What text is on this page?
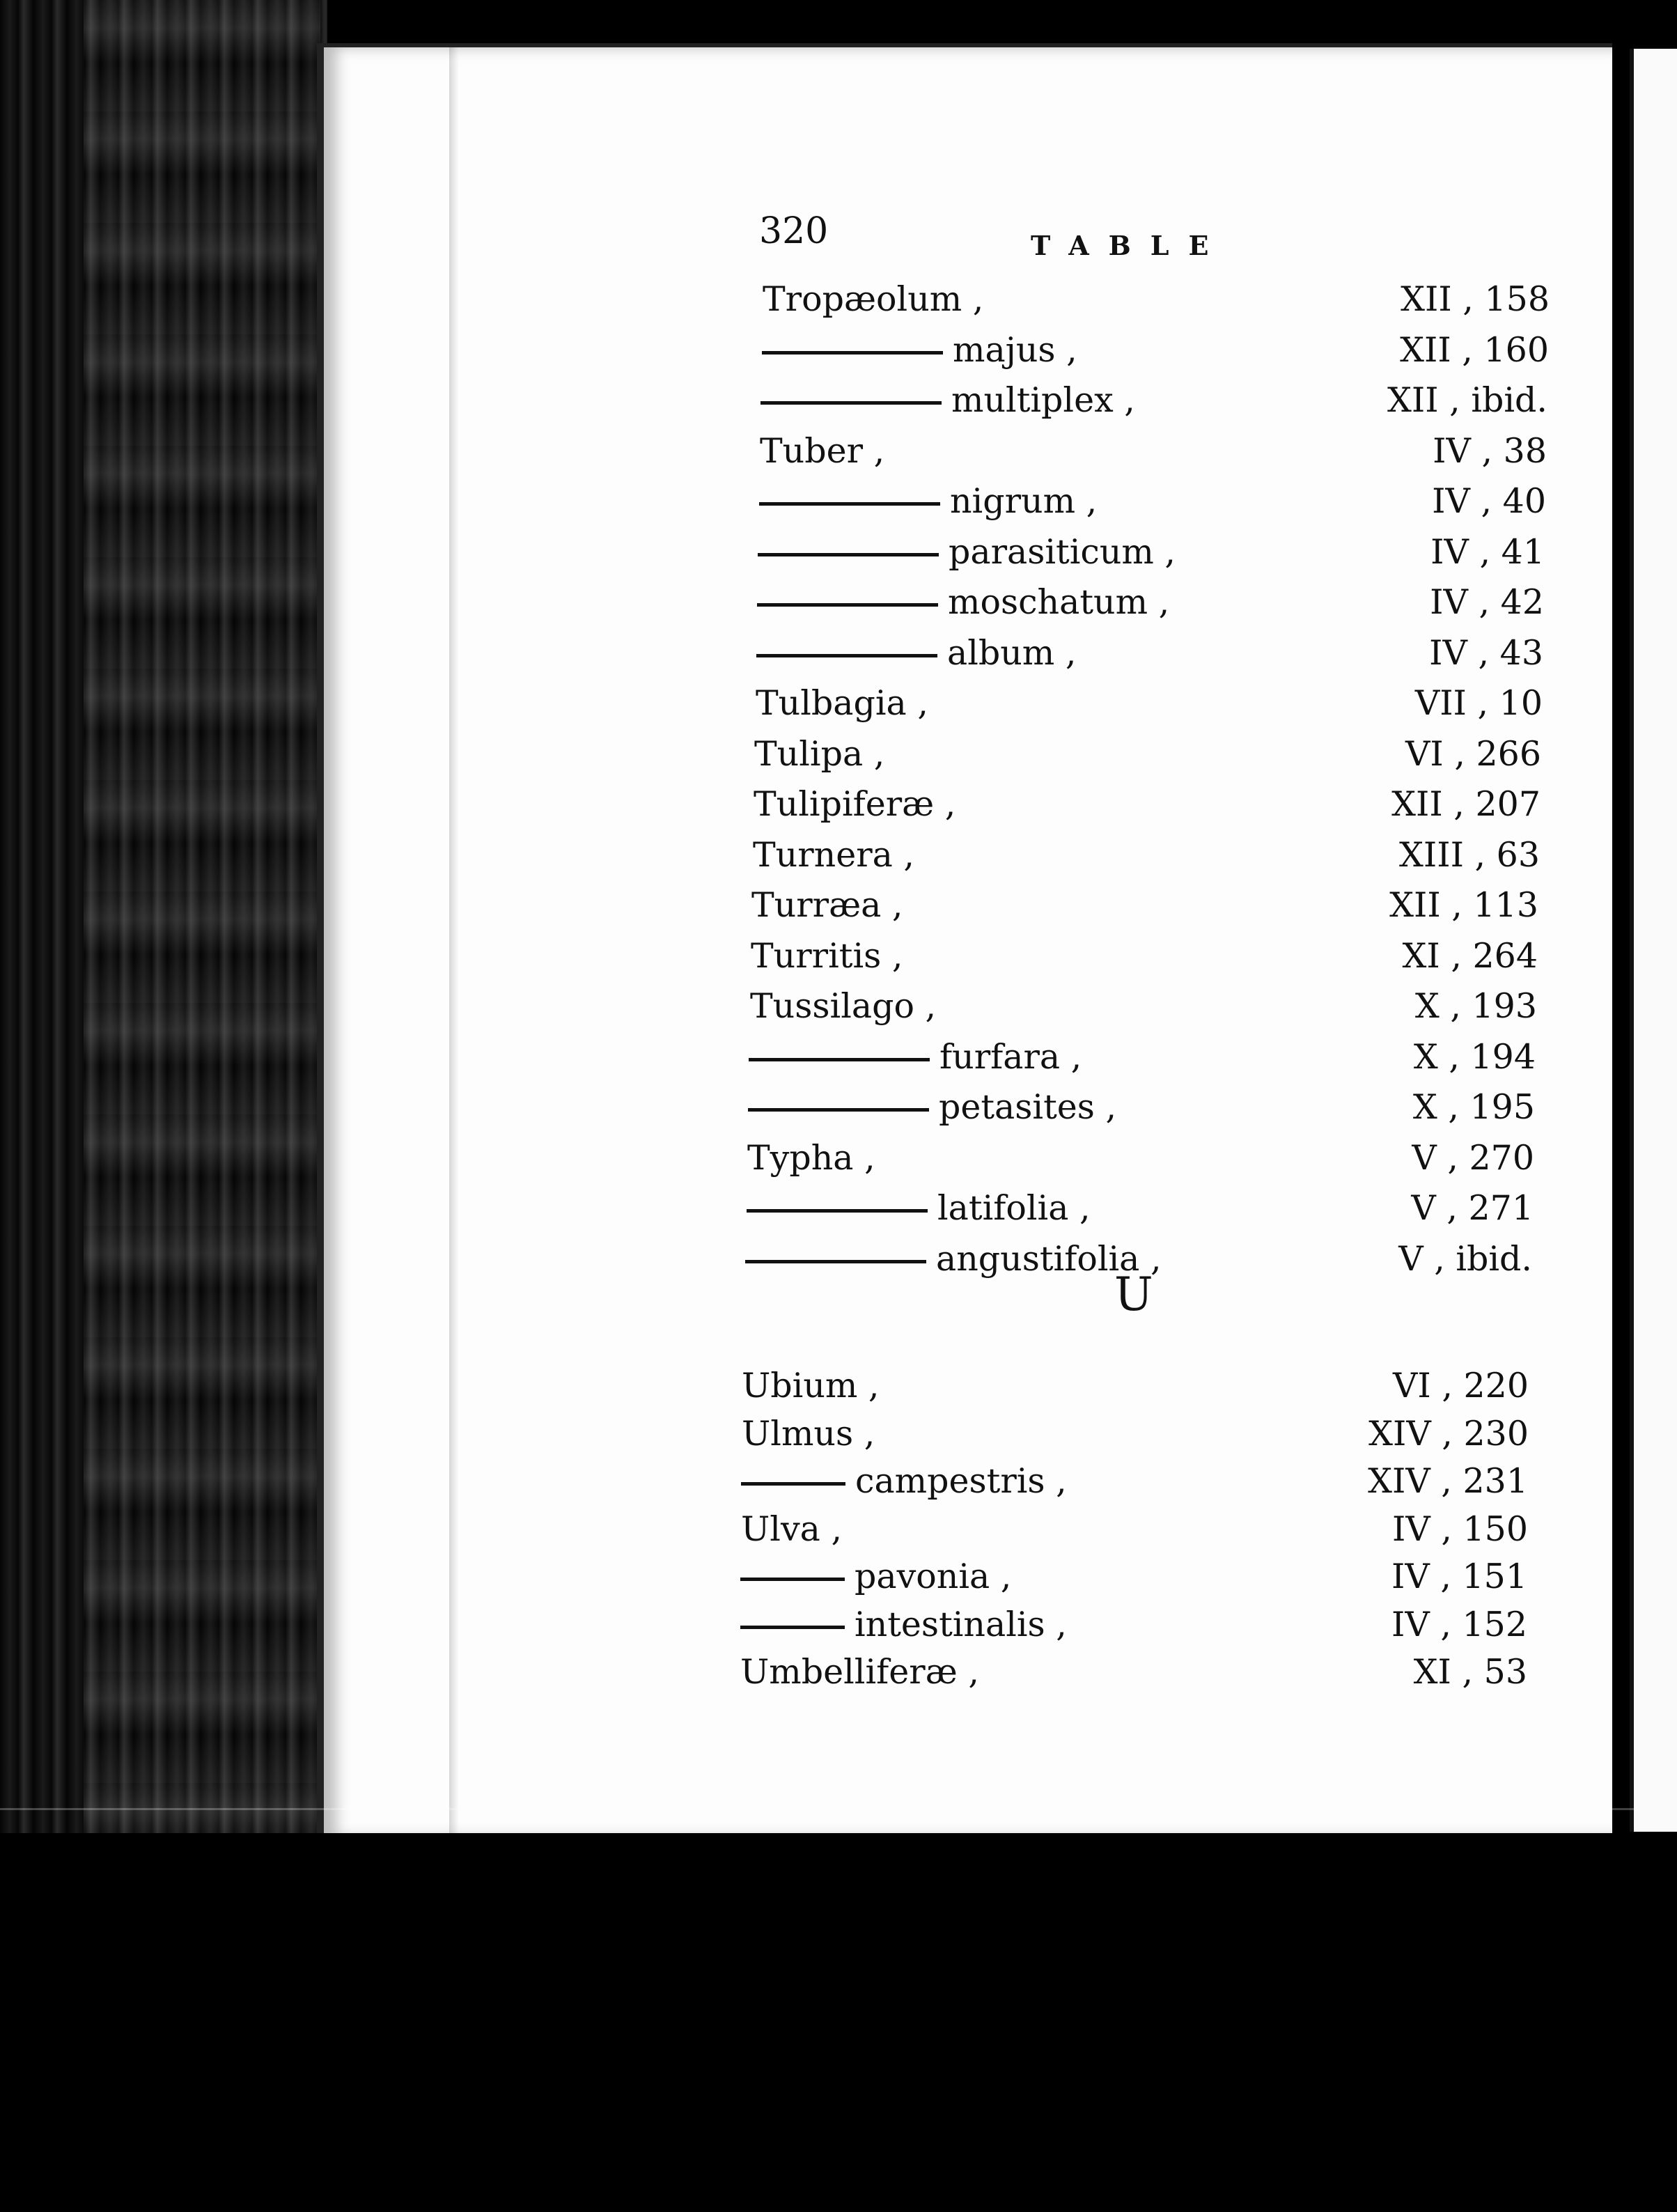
320	TABLE
Tropæolum ,	XII , 158
majus ,	XII , 160
multiplex ,	XII , ibid.
Tuber ,	IV , 38
nigrum ,	IV , 40
parasiticum ,	IV , 41
moschatum ,	IV , 42
album ,	IV , 43
Tulbagia ,	VII , 10
Tulipa ,	VI , 266
Tulipiferæ ,	XII , 207
Turnera ,	XIII , 63
Turræa ,	XII , 113
Turritis ,	XI , 264
Tussilago ,	X , 193
furfara ,	X , 194
petasites ,	X , 195
Typha ,	V , 270
latifolia ,	V , 271
angustifolia ,	V , ibid.
U
Ubium ,	VI , 220
Ulmus ,	XIV , 230
campestris ,	XIV , 231
Ulva ,	IV , 150
pavonia ,	IV , 151
intestinalis ,	IV , 152
Umbelliferæ ,	XI , 53
